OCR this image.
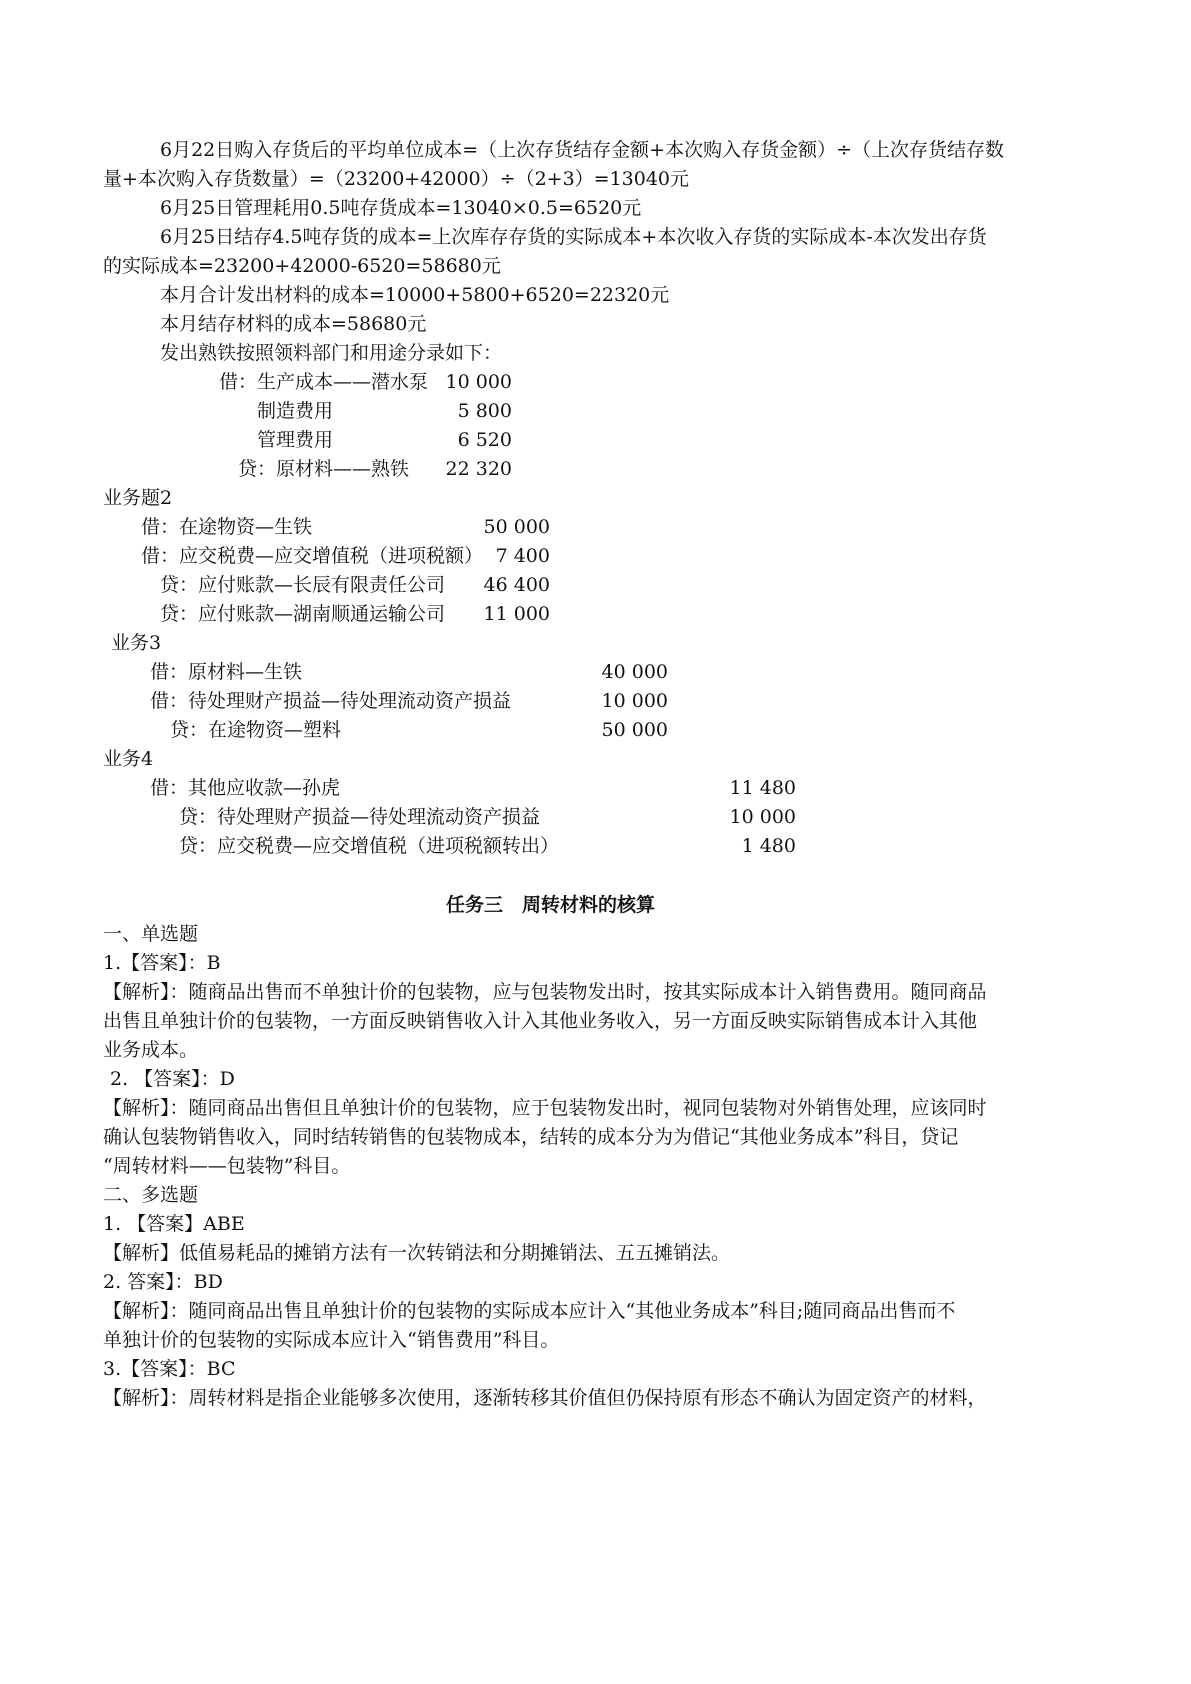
6月22日购入存货后的平均单位成本=（上次存货结存金额+本次购入存货金额）÷（上次存货结存数
量+本次购入存货数量）=（23200+42000）÷（2+3）=13040元
6月25日管理耗用0.5吨存货成本=13040×0.5=6520元
6月25日结存4.5吨存货的成本=上次库存存货的实际成本+本次收入存货的实际成本-本次发出存货
的实际成本=23200+42000-6520=58680元
本月合计发出材料的成本=10000+5800+6520=22320元
本月结存材料的成本=58680元
发出熟铁按照领料部门和用途分录如下：
借：生产成本——潜水泵 10 000
制造费用	5 800
管理费用	6 520
贷：原材料——熟铁	22 320
业务题2
借：在途物资—生铁	50 000
借：应交税费—应交增值税（进项税额） 7 400
贷：应付账款—长辰有限责任公司	46 400
贷：应付账款—湖南顺通运输公司	11 000
业务3
借：原材料—生铁	40 000
借：待处理财产损益—待处理流动资产损益	10 000
贷：在途物资—塑料	50 000
业务4
借：其他应收款—孙虎	11 480
贷：待处理财产损益—待处理流动资产损益	10 000
贷：应交税费—应交增值税（进项税额转出）	1 480
任务三　周转材料的核算
一、单选题
1.【答案】：B
【解析】：随商品出售而不单独计价的包装物，应与包装物发出时，按其实际成本计入销售费用。随同商品
出售且单独计价的包装物，一方面反映销售收入计入其他业务收入，另一方面反映实际销售成本计入其他
业务成本。
2. 【答案】：D
【解析】：随同商品出售但且单独计价的包装物，应于包装物发出时，视同包装物对外销售处理，应该同时
确认包装物销售收入，同时结转销售的包装物成本，结转的成本分为为借记“其他业务成本”科目，贷记
“周转材料——包装物”科目。
二、多选题
1. 【答案】ABE
【解析】低值易耗品的摊销方法有一次转销法和分期摊销法、五五摊销法。
2. 答案】：BD
【解析】：随同商品出售且单独计价的包装物的实际成本应计入“其他业务成本”科目;随同商品出售而不
单独计价的包装物的实际成本应计入“销售费用”科目。
3.【答案】：BC
【解析】：周转材料是指企业能够多次使用，逐渐转移其价值但仍保持原有形态不确认为固定资产的材料，
